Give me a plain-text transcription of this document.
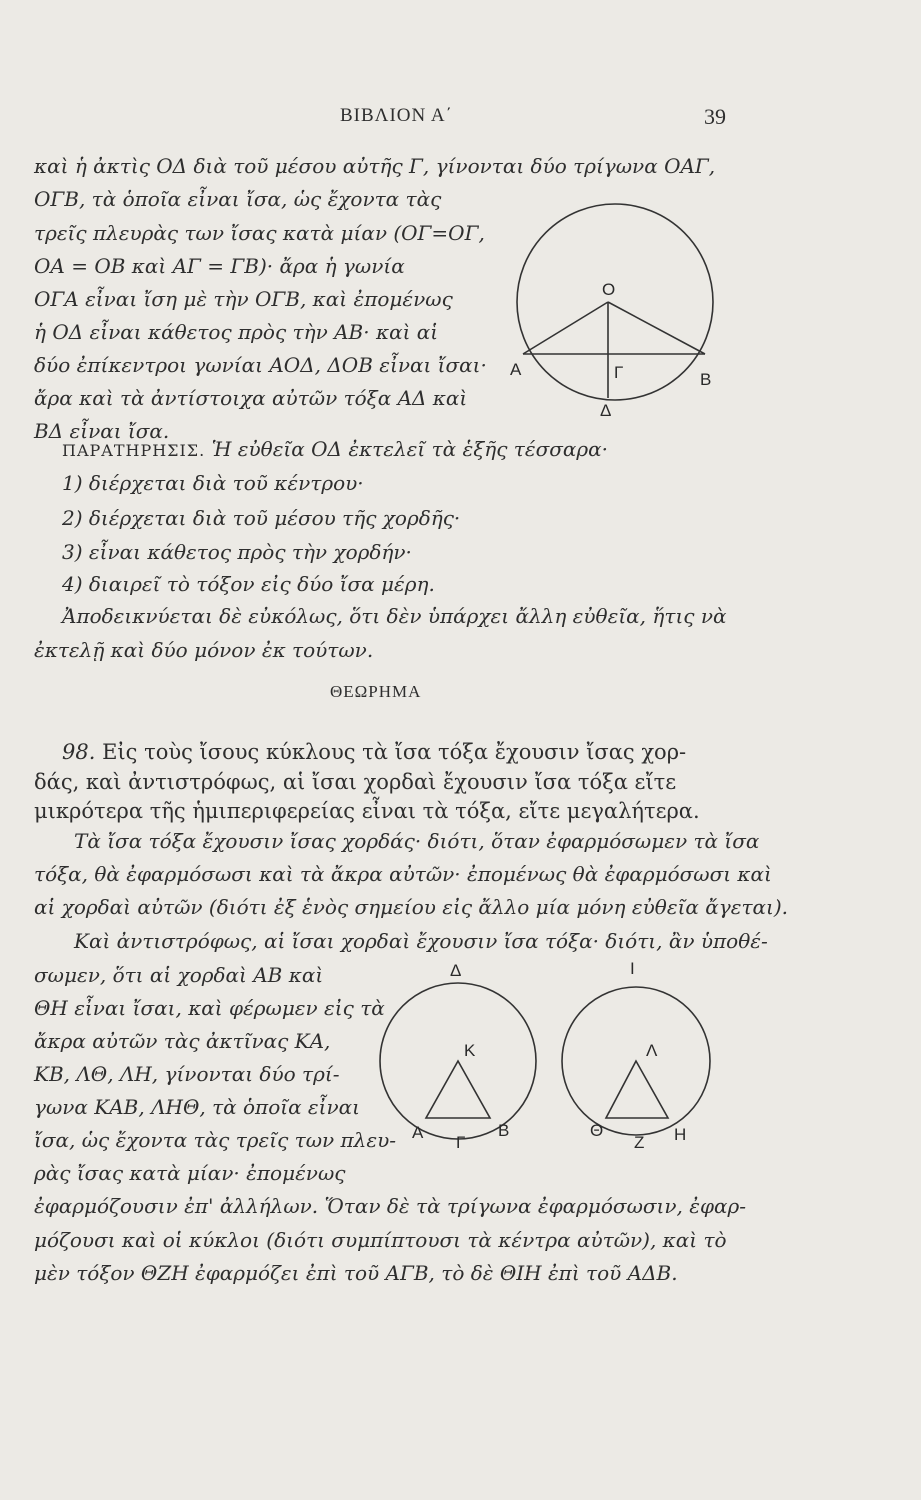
ΒΙΒΛΙΟΝ Α΄	39
καὶ ἡ ἀκτὶς ΟΔ διὰ τοῦ μέσου αὐτῆς Γ, γίνονται δύο τρίγωνα ΟΑΓ,
ΟΓΒ, τὰ ὁποῖα εἶναι ἴσα, ὡς ἔχοντα τὰς
τρεῖς πλευρὰς των ἴσας κατὰ μίαν (ΟΓ=ΟΓ,
ΟΑ = ΟΒ καὶ ΑΓ = ΓΒ)· ἄρα ἡ γωνία
ΟΓΑ εἶναι ἴση μὲ τὴν ΟΓΒ, καὶ ἐπομένως
ἡ ΟΔ εἶναι κάθετος πρὸς τὴν ΑΒ· καὶ αἱ
δύο ἐπίκεντροι γωνίαι ΑΟΔ, ΔΟΒ εἶναι ἴσαι·
ἄρα καὶ τὰ ἀντίστοιχα αὐτῶν τόξα ΑΔ καὶ
ΒΔ εἶναι ἴσα.
O
A
B
Γ
Δ
ΠΑΡΑΤΗΡΗΣΙΣ. Ἡ εὐθεῖα ΟΔ ἐκτελεῖ τὰ ἑξῆς τέσσαρα·
1) διέρχεται διὰ τοῦ κέντρου·
2) διέρχεται διὰ τοῦ μέσου τῆς χορδῆς·
3) εἶναι κάθετος πρὸς τὴν χορδήν·
4) διαιρεῖ τὸ τόξον εἰς δύο ἴσα μέρη.
Ἀποδεικνύεται δὲ εὐκόλως, ὅτι δὲν ὑπάρχει ἄλλη εὐθεῖα, ἥτις νὰ
ἐκτελῇ καὶ δύο μόνον ἐκ τούτων.
ΘΕΩΡΗΜΑ
98. Εἰς τοὺς ἴσους κύκλους τὰ ἴσα τόξα ἔχουσιν ἴσας χορ-
δάς, καὶ ἀντιστρόφως, αἱ ἴσαι χορδαὶ ἔχουσιν ἴσα τόξα εἴτε
μικρότερα τῆς ἡμιπεριφερείας εἶναι τὰ τόξα, εἴτε μεγαλήτερα.
Τὰ ἴσα τόξα ἔχουσιν ἴσας χορδάς· διότι, ὅταν ἐφαρμόσωμεν τὰ ἴσα
τόξα, θὰ ἐφαρμόσωσι καὶ τὰ ἄκρα αὐτῶν· ἐπομένως θὰ ἐφαρμόσωσι καὶ
αἱ χορδαὶ αὐτῶν (διότι ἐξ ἑνὸς σημείου εἰς ἄλλο μία μόνη εὐθεῖα ἄγεται).
Καὶ ἀντιστρόφως, αἱ ἴσαι χορδαὶ ἔχουσιν ἴσα τόξα· διότι, ἂν ὑποθέ-
σωμεν, ὅτι αἱ χορδαὶ ΑΒ καὶ
ΘΗ εἶναι ἴσαι, καὶ φέρωμεν εἰς τὰ
ἄκρα αὐτῶν τὰς ἀκτῖνας ΚΑ,
ΚΒ, ΛΘ, ΛΗ, γίνονται δύο τρί-
γωνα ΚΑΒ, ΛΗΘ, τὰ ὁποῖα εἶναι
ἴσα, ὡς ἔχοντα τὰς τρεῖς των πλευ-
ρὰς ἴσας κατὰ μίαν· ἐπομένως
ἐφαρμόζουσιν ἐπ' ἀλλήλων. Ὅταν δὲ τὰ τρίγωνα ἐφαρμόσωσιν, ἐφαρ-
μόζουσι καὶ οἱ κύκλοι (διότι συμπίπτουσι τὰ κέντρα αὐτῶν), καὶ τὸ
μὲν τόξον ΘΖΗ ἐφαρμόζει ἐπὶ τοῦ ΑΓΒ, τὸ δὲ ΘΙΗ ἐπὶ τοῦ ΑΔΒ.
Δ
K
A
Γ
B
I
Λ
Θ
Z H
